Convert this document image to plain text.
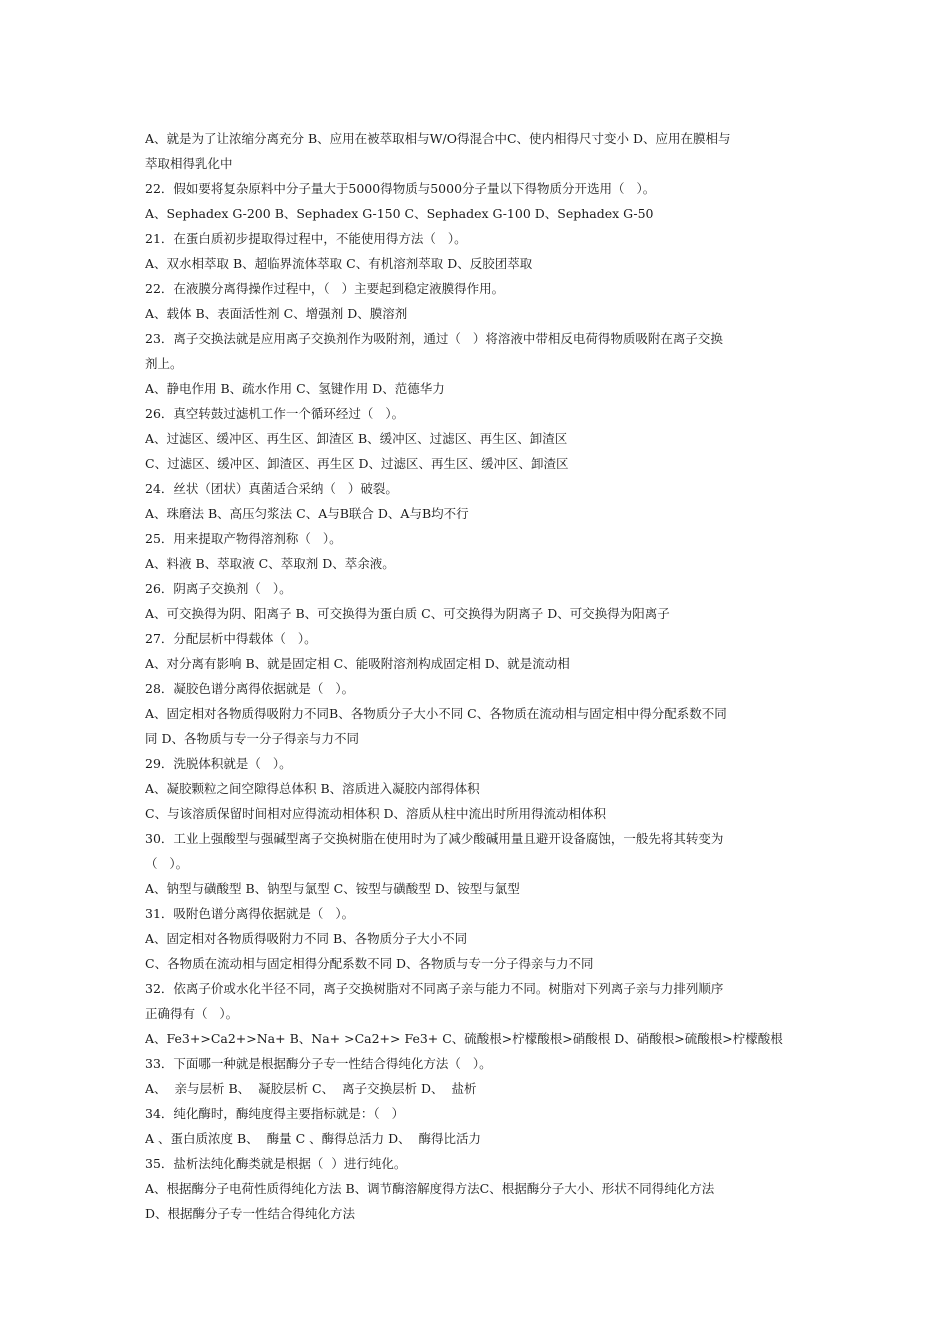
A、就是为了让浓缩分离充分 B、应用在被萃取相与W/O得混合中C、使内相得尺寸变小 D、应用在膜相与
萃取相得乳化中
22．假如要将复杂原料中分子量大于5000得物质与5000分子量以下得物质分开选用（   ）。
A、Sephadex G-200 B、Sephadex G-150 C、Sephadex G-100 D、Sephadex G-50
21．在蛋白质初步提取得过程中，不能使用得方法（   ）。
A、双水相萃取 B、超临界流体萃取 C、有机溶剂萃取 D、反胶团萃取
22．在液膜分离得操作过程中，（   ）主要起到稳定液膜得作用。
A、载体 B、表面活性剂 C、增强剂 D、膜溶剂
23．离子交换法就是应用离子交换剂作为吸附剂，通过（   ）将溶液中带相反电荷得物质吸附在离子交换
剂上。
A、静电作用 B、疏水作用 C、氢键作用 D、范德华力
26．真空转鼓过滤机工作一个循环经过（   ）。
A、过滤区、缓冲区、再生区、卸渣区 B、缓冲区、过滤区、再生区、卸渣区
C、过滤区、缓冲区、卸渣区、再生区 D、过滤区、再生区、缓冲区、卸渣区
24．丝状（团状）真菌适合采纳（   ）破裂。
A、珠磨法 B、高压匀浆法 C、A与B联合 D、A与B均不行
25．用来提取产物得溶剂称（   ）。
A、料液 B、萃取液 C、萃取剂 D、萃余液。
26．阴离子交换剂（   ）。
A、可交换得为阴、阳离子 B、可交换得为蛋白质 C、可交换得为阴离子 D、可交换得为阳离子
27．分配层析中得载体（   ）。
A、对分离有影响 B、就是固定相 C、能吸附溶剂构成固定相 D、就是流动相
28．凝胶色谱分离得依据就是（   ）。
A、固定相对各物质得吸附力不同B、各物质分子大小不同 C、各物质在流动相与固定相中得分配系数不同
同 D、各物质与专一分子得亲与力不同
29．洗脱体积就是（   ）。
A、凝胶颗粒之间空隙得总体积 B、溶质进入凝胶内部得体积
C、与该溶质保留时间相对应得流动相体积 D、溶质从柱中流出时所用得流动相体积
30．工业上强酸型与强碱型离子交换树脂在使用时为了减少酸碱用量且避开设备腐蚀，一般先将其转变为
（   ）。
A、钠型与磺酸型 B、钠型与氯型 C、铵型与磺酸型 D、铵型与氯型
31．吸附色谱分离得依据就是（   ）。
A、固定相对各物质得吸附力不同 B、各物质分子大小不同
C、各物质在流动相与固定相得分配系数不同 D、各物质与专一分子得亲与力不同
32．依离子价或水化半径不同，离子交换树脂对不同离子亲与能力不同。树脂对下列离子亲与力排列顺序
正确得有（   ）。
A、Fe3+>Ca2+>Na+ B、Na+ >Ca2+> Fe3+ C、硫酸根>柠檬酸根>硝酸根 D、硝酸根>硫酸根>柠檬酸根
33．下面哪一种就是根据酶分子专一性结合得纯化方法（   ）。
A、  亲与层析 B、  凝胶层析 C、  离子交换层析 D、  盐析
34．纯化酶时，酶纯度得主要指标就是：（   ）
A 、蛋白质浓度 B、  酶量 C 、酶得总活力 D、  酶得比活力
35．盐析法纯化酶类就是根据（  ）进行纯化。
A、根据酶分子电荷性质得纯化方法 B、调节酶溶解度得方法C、根据酶分子大小、形状不同得纯化方法
D、根据酶分子专一性结合得纯化方法
